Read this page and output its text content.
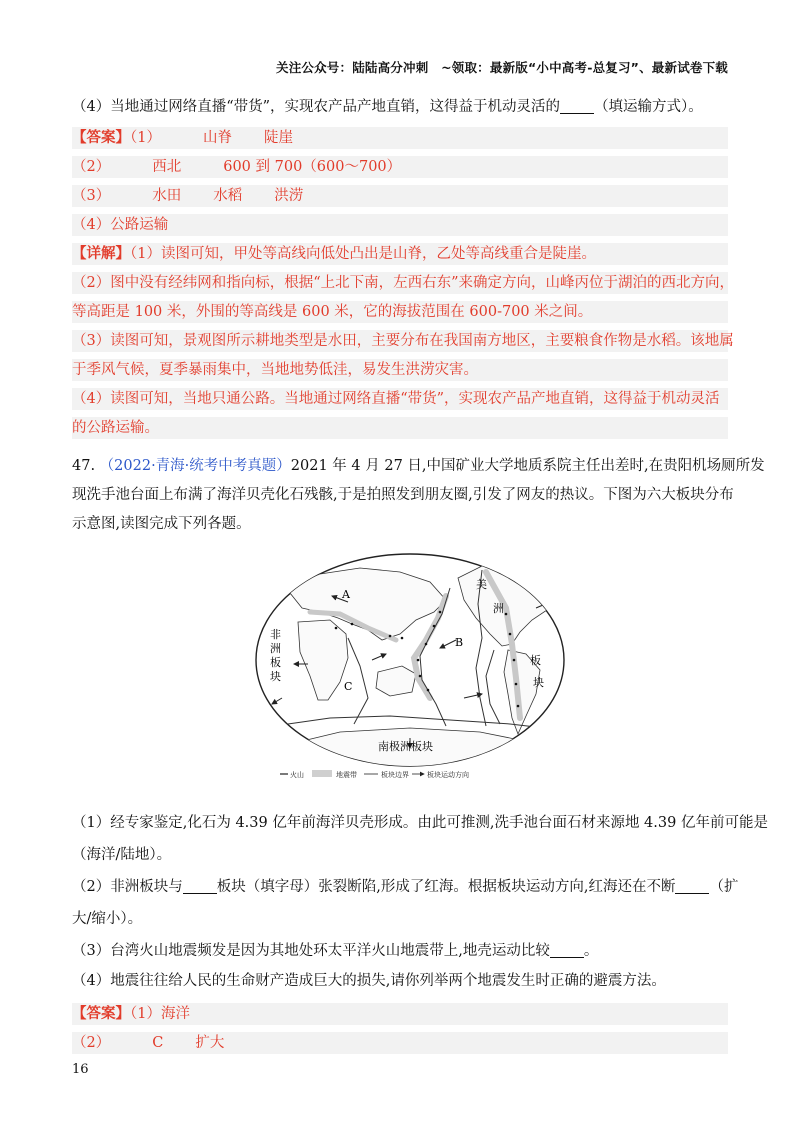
关注公众号：陆陆高分冲刺　~领取：最新版“小中高考-总复习”、最新试卷下载
（4）当地通过网络直播“带货”，实现农产品产地直销，这得益于机动灵活的 （填运输方式）。
【答案】（1）	山脊 陡崖
（2）	西北	600 到 700（600～700）
（3）	水田 水稻 洪涝
（4）公路运输
【详解】（1）读图可知，甲处等高线向低处凸出是山脊，乙处等高线重合是陡崖。
（2）图中没有经纬网和指向标，根据“上北下南，左西右东”来确定方向，山峰丙位于湖泊的西北方向，
等高距是 100 米，外围的等高线是 600 米，它的海拔范围在 600-700 米之间。
（3）读图可知，景观图所示耕地类型是水田，主要分布在我国南方地区，主要粮食作物是水稻。该地属
于季风气候，夏季暴雨集中，当地地势低洼，易发生洪涝灾害。
（4）读图可知，当地只通公路。当地通过网络直播“带货”，实现农产品产地直销，这得益于机动灵活
的公路运输。
47. （2022·青海·统考中考真题）2021 年 4 月 27 日,中国矿业大学地质系院主任出差时,在贵阳机场厕所发
现洗手池台面上布满了海洋贝壳化石残骸,于是拍照发到朋友圈,引发了网友的热议。下图为六大板块分布
示意图,读图完成下列各题。
A
B
C
非
洲
板
块
美
洲
板
块
南极洲板块
火山	地震带	板块边界	板块运动方向
（1）经专家鉴定,化石为 4.39 亿年前海洋贝壳形成。由此可推测,洗手池台面石材来源地 4.39 亿年前可能是
（海洋/陆地）。
（2）非洲板块与 板块（填字母）张裂断陷,形成了红海。根据板块运动方向,红海还在不断 （扩
大/缩小）。
（3）台湾火山地震频发是因为其地处环太平洋火山地震带上,地壳运动比较 。
（4）地震往往给人民的生命财产造成巨大的损失,请你列举两个地震发生时正确的避震方法。
【答案】（1）海洋
（2）	C 扩大
16
